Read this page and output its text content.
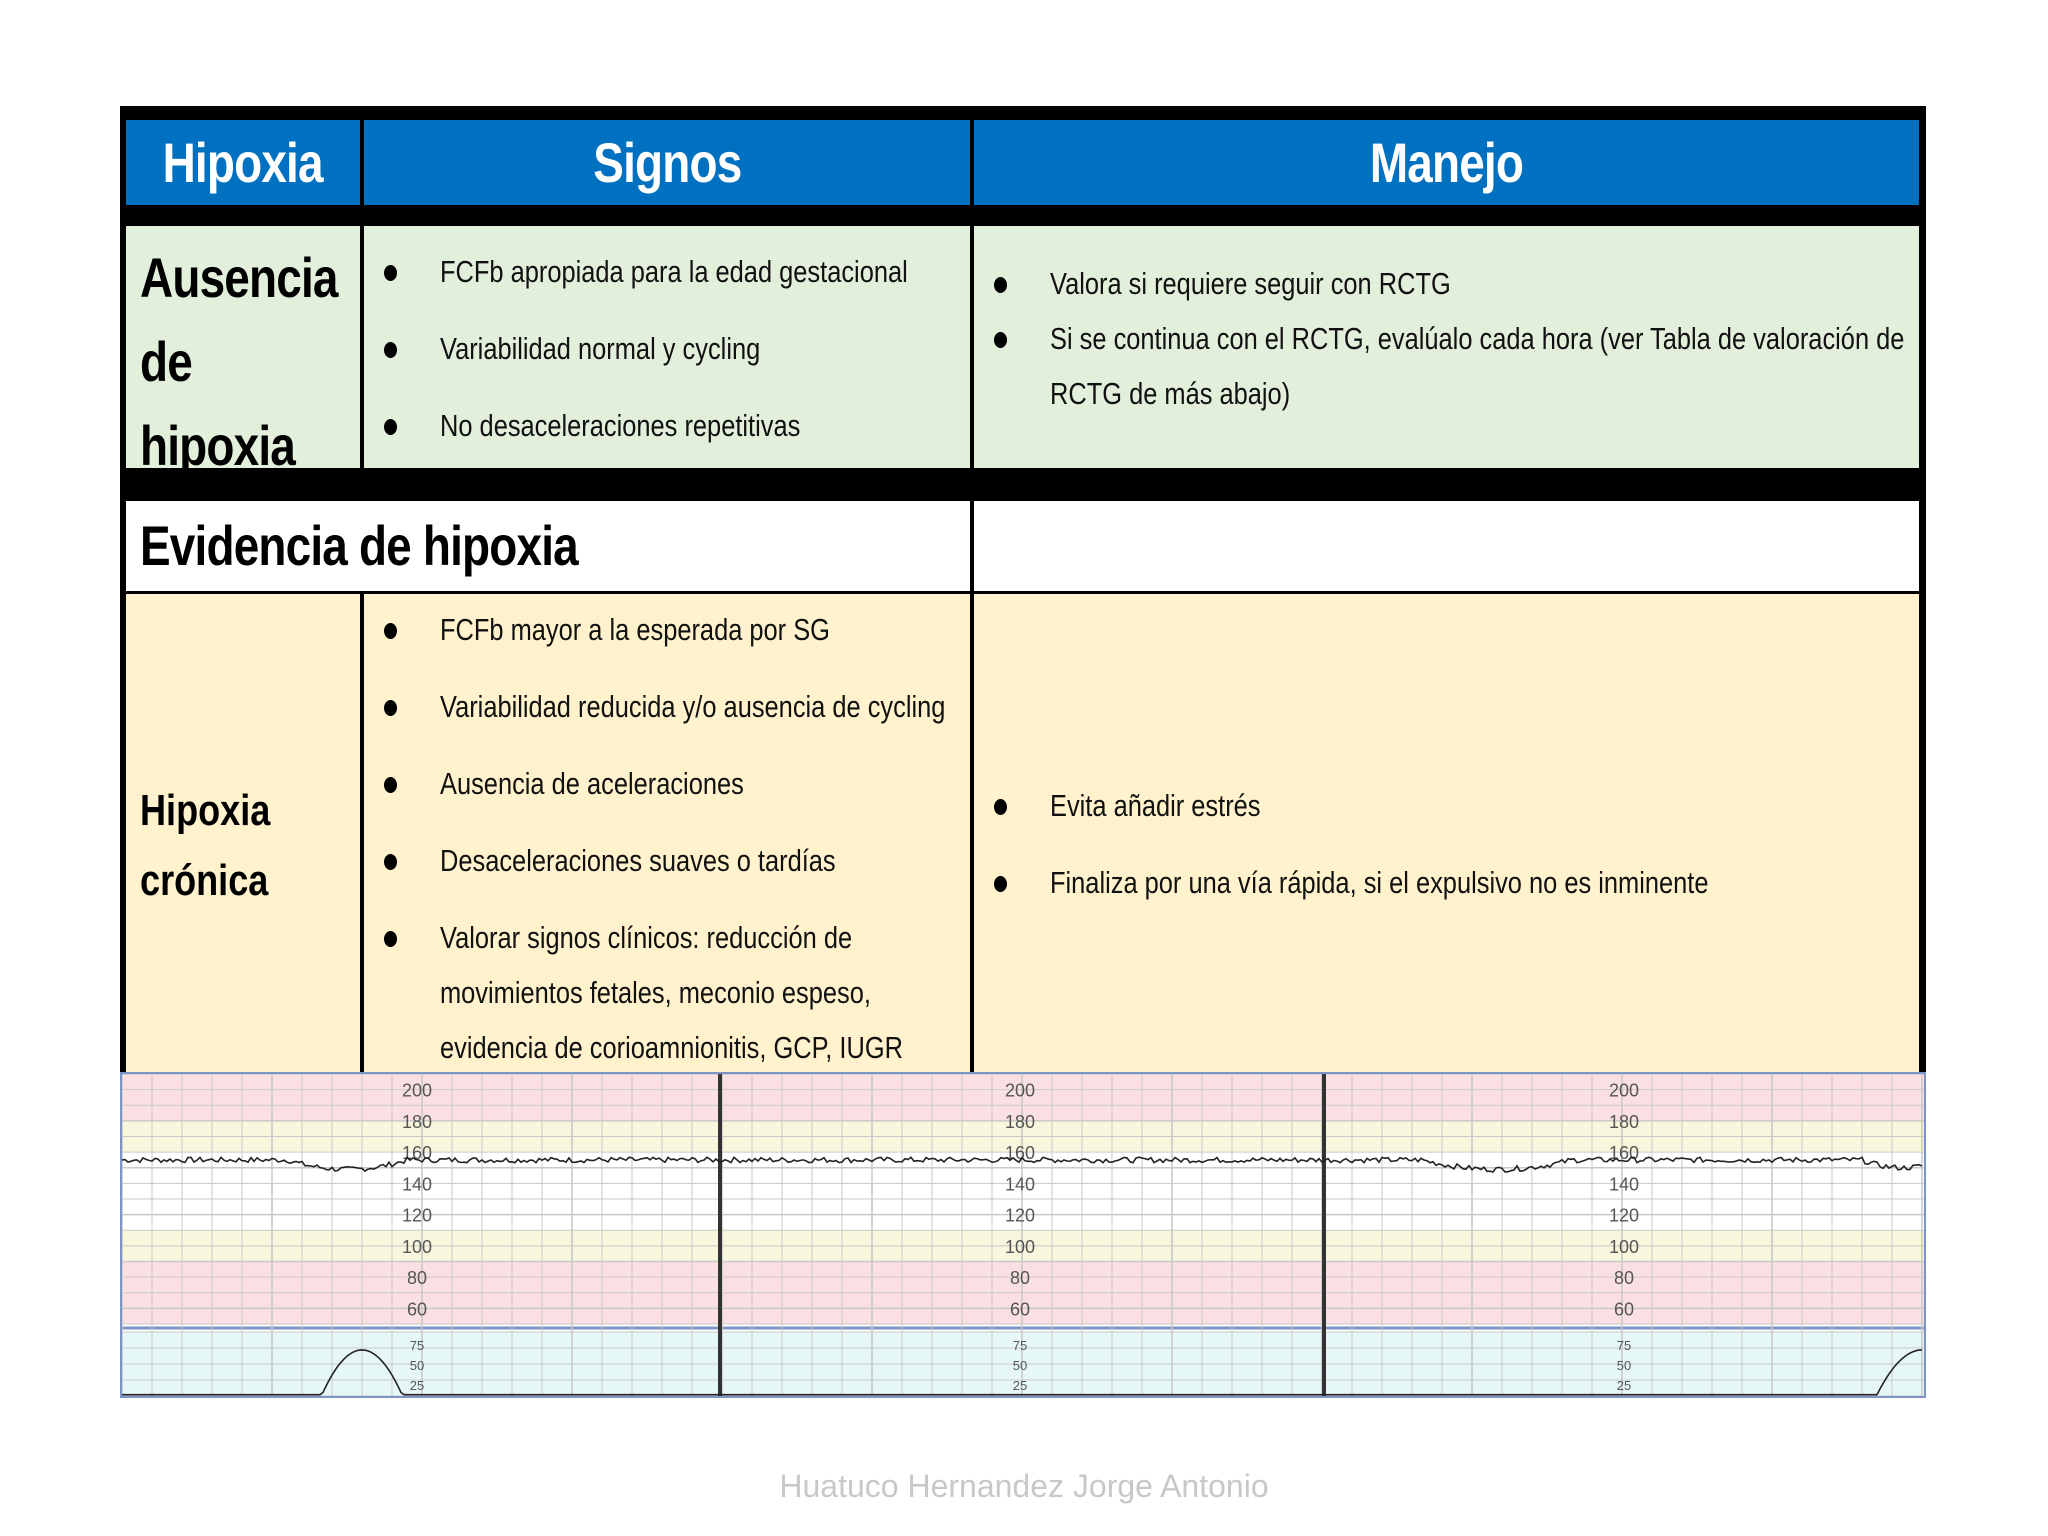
Hipoxia	Signos	Manejo
Ausencia
de
hipoxia
FCFb apropiada para la edad gestacional
Variabilidad normal y cycling
No desaceleraciones repetitivas
Valora si requiere seguir con RCTG
Si se continua con el RCTG, evalúalo cada hora (ver Tabla de valoración de
RCTG de más abajo)
Evidencia de hipoxia
Hipoxia
crónica
FCFb mayor a la esperada por SG
Variabilidad reducida y/o ausencia de cycling
Ausencia de aceleraciones
Desaceleraciones suaves o tardías
Valorar signos clínicos: reducción de
movimientos fetales, meconio espeso,
evidencia de corioamnionitis, GCP, IUGR
Evita añadir estrés
Finaliza por una vía rápida, si el expulsivo no es inminente
200
180
160
140
120
100
80
60
75
50
25
200
180
160
140
120
100
80
60
75
50
25
200
180
160
140
120
100
80
60
75
50
25
Huatuco Hernandez Jorge Antonio
